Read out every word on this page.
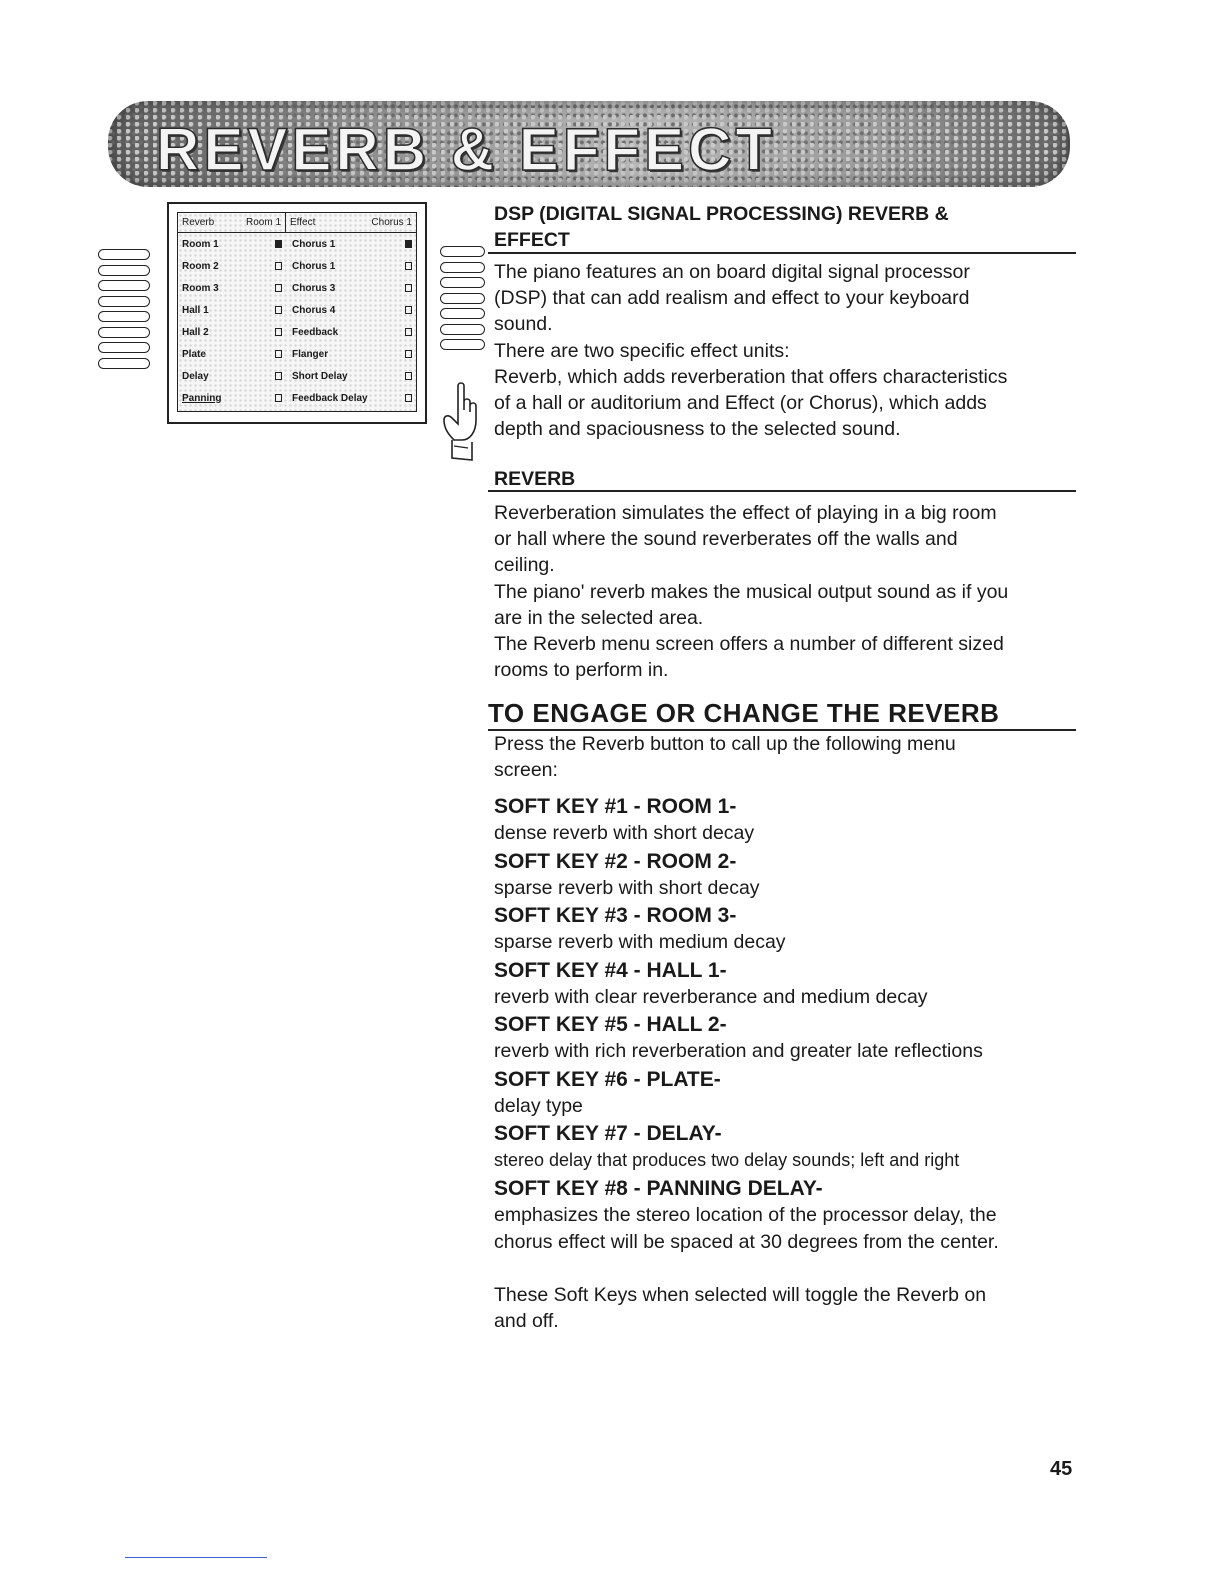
REVERB & EFFECT
Reverb	Room 1 Effect	Chorus 1
Room 1	Chorus 1
Room 2	Chorus 1
Room 3	Chorus 3
Hall 1	Chorus 4
Hall 2	Feedback
Plate	Flanger
Delay	Short Delay
Panning	Feedback Delay

DSP (DIGITAL SIGNAL PROCESSING) REVERB &

EFFECT

The piano features an on board digital signal processor

(DSP) that can add realism and effect to your keyboard

sound.

There are two specific effect units:

Reverb, which adds reverberation that offers characteristics

of a hall or auditorium and Effect (or Chorus), which adds

depth and spaciousness to the selected sound.

REVERB

Reverberation simulates the effect of playing in a big room

or hall where the sound reverberates off the walls and

ceiling.

The piano' reverb makes the musical output sound as if you

are in the selected area.

The Reverb menu screen offers a number of different sized

rooms to perform in.

TO ENGAGE OR CHANGE THE REVERB

Press the Reverb button to call up the following menu

screen:

SOFT KEY #1 - ROOM 1-

dense reverb with short decay

SOFT KEY #2 - ROOM 2-

sparse reverb with short decay

SOFT KEY #3 - ROOM 3-

sparse reverb with medium decay

SOFT KEY #4 - HALL 1-

reverb with clear reverberance and medium decay

SOFT KEY #5 - HALL 2-

reverb with rich reverberation and greater late reflections

SOFT KEY #6 - PLATE-

delay type

SOFT KEY #7 - DELAY-

stereo delay that produces two delay sounds; left and right

SOFT KEY #8 - PANNING DELAY-

emphasizes the stereo location of the processor delay, the

chorus effect will be spaced at 30 degrees from the center.

These Soft Keys when selected will toggle the Reverb on

and off.

45
